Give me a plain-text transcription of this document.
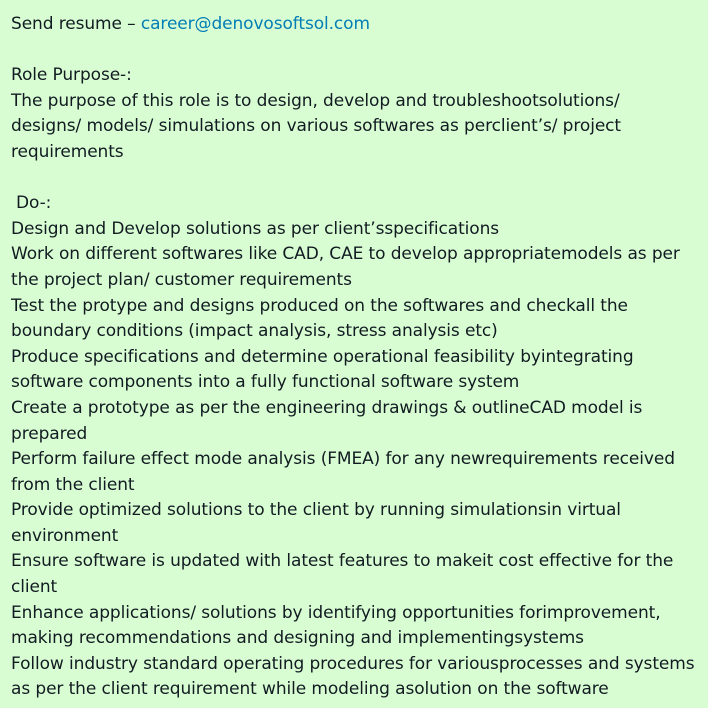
Send resume – career@denovosoftsol.com
Role Purpose-:
The purpose of this role is to design, develop and troubleshootsolutions/
designs/ models/ simulations on various softwares as perclient’s/ project
requirements
Do-:
Design and Develop solutions as per client’sspecifications
Work on different softwares like CAD, CAE to develop appropriatemodels as per
the project plan/ customer requirements
Test the protype and designs produced on the softwares and checkall the
boundary conditions (impact analysis, stress analysis etc)
Produce specifications and determine operational feasibility byintegrating
software components into a fully functional software system
Create a prototype as per the engineering drawings & outlineCAD model is
prepared
Perform failure effect mode analysis (FMEA) for any newrequirements received
from the client
Provide optimized solutions to the client by running simulationsin virtual
environment
Ensure software is updated with latest features to makeit cost effective for the
client
Enhance applications/ solutions by identifying opportunities forimprovement,
making recommendations and designing and implementingsystems
Follow industry standard operating procedures for variousprocesses and systems
as per the client requirement while modeling asolution on the software
